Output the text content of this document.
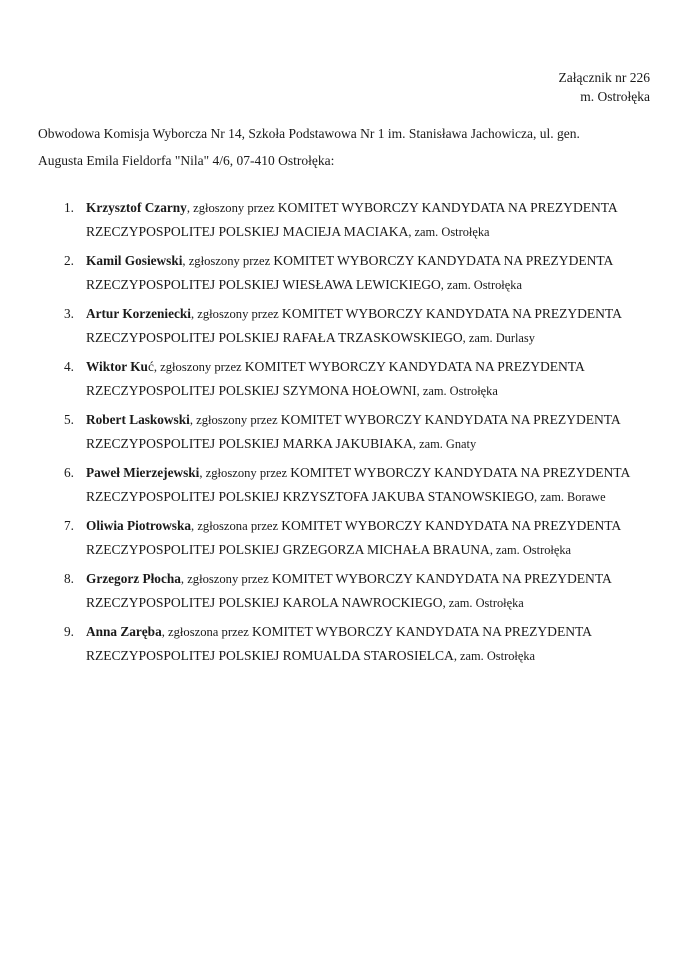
Załącznik nr 226
m. Ostrołęka
Obwodowa Komisja Wyborcza Nr 14, Szkoła Podstawowa Nr 1 im. Stanisława Jachowicza, ul. gen.
Augusta Emila Fieldorfa "Nila" 4/6, 07-410 Ostrołęka:
1. Krzysztof Czarny, zgłoszony przez KOMITET WYBORCZY KANDYDATA NA PREZYDENTA RZECZYPOSPOLITEJ POLSKIEJ MACIEJA MACIAKA, zam. Ostrołęka
2. Kamil Gosiewski, zgłoszony przez KOMITET WYBORCZY KANDYDATA NA PREZYDENTA RZECZYPOSPOLITEJ POLSKIEJ WIESŁAWA LEWICKIEGO, zam. Ostrołęka
3. Artur Korzeniecki, zgłoszony przez KOMITET WYBORCZY KANDYDATA NA PREZYDENTA RZECZYPOSPOLITEJ POLSKIEJ RAFAŁA TRZASKOWSKIEGO, zam. Durlasy
4. Wiktor Kuć, zgłoszony przez KOMITET WYBORCZY KANDYDATA NA PREZYDENTA RZECZYPOSPOLITEJ POLSKIEJ SZYMONA HOŁOWNI, zam. Ostrołęka
5. Robert Laskowski, zgłoszony przez KOMITET WYBORCZY KANDYDATA NA PREZYDENTA RZECZYPOSPOLITEJ POLSKIEJ MARKA JAKUBIAKA, zam. Gnaty
6. Paweł Mierzejewski, zgłoszony przez KOMITET WYBORCZY KANDYDATA NA PREZYDENTA RZECZYPOSPOLITEJ POLSKIEJ KRZYSZTOFA JAKUBA STANOWSKIEGO, zam. Borawe
7. Oliwia Piotrowska, zgłoszona przez KOMITET WYBORCZY KANDYDATA NA PREZYDENTA RZECZYPOSPOLITEJ POLSKIEJ GRZEGORZA MICHAŁA BRAUNA, zam. Ostrołęka
8. Grzegorz Płocha, zgłoszony przez KOMITET WYBORCZY KANDYDATA NA PREZYDENTA RZECZYPOSPOLITEJ POLSKIEJ KAROLA NAWROCKIEGO, zam. Ostrołęka
9. Anna Zaręba, zgłoszona przez KOMITET WYBORCZY KANDYDATA NA PREZYDENTA RZECZYPOSPOLITEJ POLSKIEJ ROMUALDA STAROSIELCA, zam. Ostrołęka
